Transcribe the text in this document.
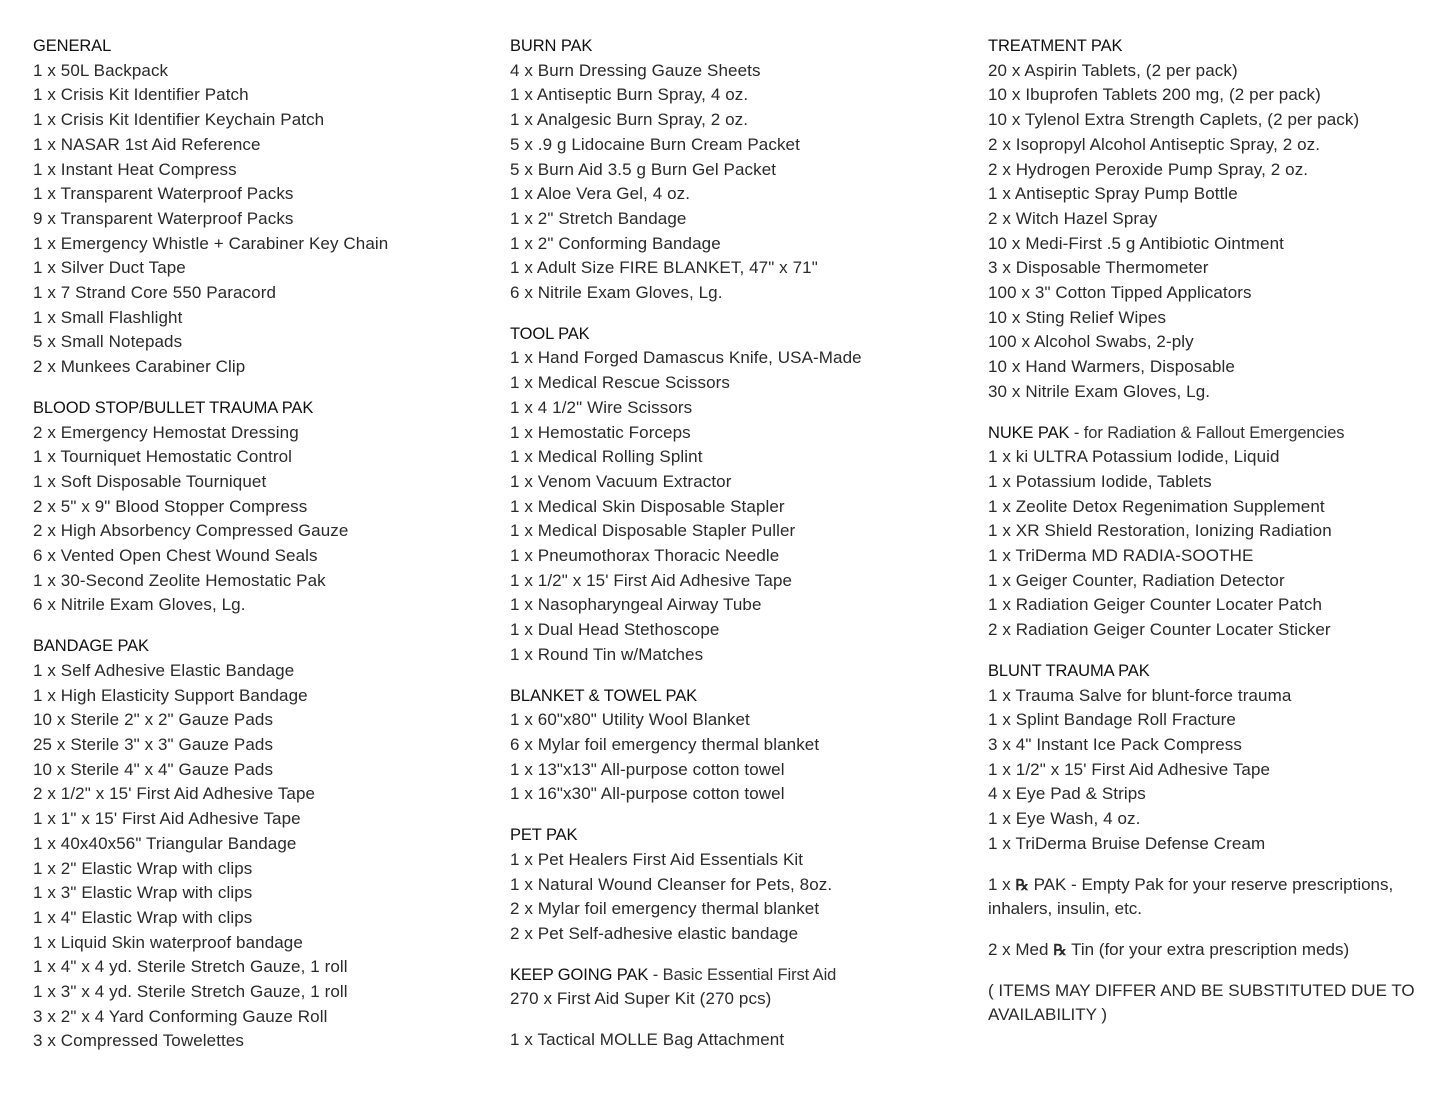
GENERAL
1 x 50L Backpack
1 x Crisis Kit Identifier Patch
1 x Crisis Kit Identifier Keychain Patch
1 x NASAR 1st Aid Reference
1 x Instant Heat Compress
1 x Transparent Waterproof Packs
9 x Transparent Waterproof Packs
1 x Emergency Whistle + Carabiner Key Chain
1 x Silver Duct Tape
1 x 7 Strand Core 550 Paracord
1 x Small Flashlight
5 x Small Notepads
2 x Munkees Carabiner Clip
BLOOD STOP/BULLET TRAUMA PAK
2 x Emergency Hemostat Dressing
1 x Tourniquet Hemostatic Control
1 x Soft Disposable Tourniquet
2 x 5" x 9" Blood Stopper Compress
2 x High Absorbency Compressed Gauze
6 x Vented Open Chest Wound Seals
1 x 30-Second Zeolite Hemostatic Pak
6 x Nitrile Exam Gloves, Lg.
BANDAGE PAK
1 x Self Adhesive Elastic Bandage
1 x High Elasticity Support Bandage
10 x Sterile 2" x 2" Gauze Pads
25 x Sterile 3" x 3" Gauze Pads
10 x Sterile 4" x 4" Gauze Pads
2 x 1/2" x 15' First Aid Adhesive Tape
1 x 1" x 15' First Aid Adhesive Tape
1 x 40x40x56" Triangular Bandage
1 x 2" Elastic Wrap with clips
1 x 3" Elastic Wrap with clips
1 x 4" Elastic Wrap with clips
1 x Liquid Skin waterproof bandage
1 x 4" x 4 yd. Sterile Stretch Gauze, 1 roll
1 x 3" x 4 yd. Sterile Stretch Gauze, 1 roll
3 x 2" x 4 Yard Conforming Gauze Roll
3 x Compressed Towelettes
BURN PAK
4 x Burn Dressing Gauze Sheets
1 x Antiseptic Burn Spray, 4 oz.
1 x Analgesic Burn Spray, 2 oz.
5 x .9 g Lidocaine Burn Cream Packet
5 x Burn Aid 3.5 g Burn Gel Packet
1 x Aloe Vera Gel, 4 oz.
1 x 2" Stretch Bandage
1 x 2" Conforming Bandage
1 x Adult Size FIRE BLANKET, 47" x 71"
6 x Nitrile Exam Gloves, Lg.
TOOL PAK
1 x Hand Forged Damascus Knife, USA-Made
1 x Medical Rescue Scissors
1 x 4 1/2" Wire Scissors
1 x Hemostatic Forceps
1 x Medical Rolling Splint
1 x Venom Vacuum Extractor
1 x Medical Skin Disposable Stapler
1 x Medical Disposable Stapler Puller
1 x Pneumothorax Thoracic Needle
1 x 1/2" x 15' First Aid Adhesive Tape
1 x Nasopharyngeal Airway Tube
1 x Dual Head Stethoscope
1 x Round Tin w/Matches
BLANKET & TOWEL PAK
1 x 60"x80" Utility Wool Blanket
6 x Mylar foil emergency thermal blanket
1 x 13"x13" All-purpose cotton towel
1 x 16"x30" All-purpose cotton towel
PET PAK
1 x Pet Healers First Aid Essentials Kit
1 x Natural Wound Cleanser for Pets, 8oz.
2 x Mylar foil emergency thermal blanket
2 x Pet Self-adhesive elastic bandage
KEEP GOING PAK - Basic Essential First Aid
270 x First Aid Super Kit (270 pcs)
1 x Tactical MOLLE Bag Attachment
TREATMENT PAK
20 x Aspirin Tablets, (2 per pack)
10 x Ibuprofen Tablets 200 mg, (2 per pack)
10 x Tylenol Extra Strength Caplets, (2 per pack)
2 x Isopropyl Alcohol Antiseptic Spray, 2 oz.
2 x Hydrogen Peroxide Pump Spray, 2 oz.
1 x Antiseptic Spray Pump Bottle
2 x Witch Hazel Spray
10 x Medi-First .5 g Antibiotic Ointment
3 x Disposable Thermometer
100 x 3" Cotton Tipped Applicators
10 x Sting Relief Wipes
100 x Alcohol Swabs, 2-ply
10 x Hand Warmers, Disposable
30 x Nitrile Exam Gloves, Lg.
NUKE PAK - for Radiation & Fallout Emergencies
1 x ki ULTRA Potassium Iodide, Liquid
1 x Potassium Iodide, Tablets
1 x Zeolite Detox Regenimation Supplement
1 x XR Shield Restoration, Ionizing Radiation
1 x TriDerma MD RADIA-SOOTHE
1 x Geiger Counter, Radiation Detector
1 x Radiation Geiger Counter Locater Patch
2 x Radiation Geiger Counter Locater Sticker
BLUNT TRAUMA PAK
1 x Trauma Salve for blunt-force trauma
1 x Splint Bandage Roll Fracture
3 x 4" Instant Ice Pack Compress
1 x 1/2" x 15' First Aid Adhesive Tape
4 x Eye Pad & Strips
1 x Eye Wash, 4 oz.
1 x TriDerma Bruise Defense Cream
1 x ℞ PAK - Empty Pak for your reserve prescriptions, inhalers, insulin, etc.
2 x Med ℞ Tin (for your extra prescription meds)
( ITEMS MAY DIFFER AND BE SUBSTITUTED DUE TO AVAILABILITY )
